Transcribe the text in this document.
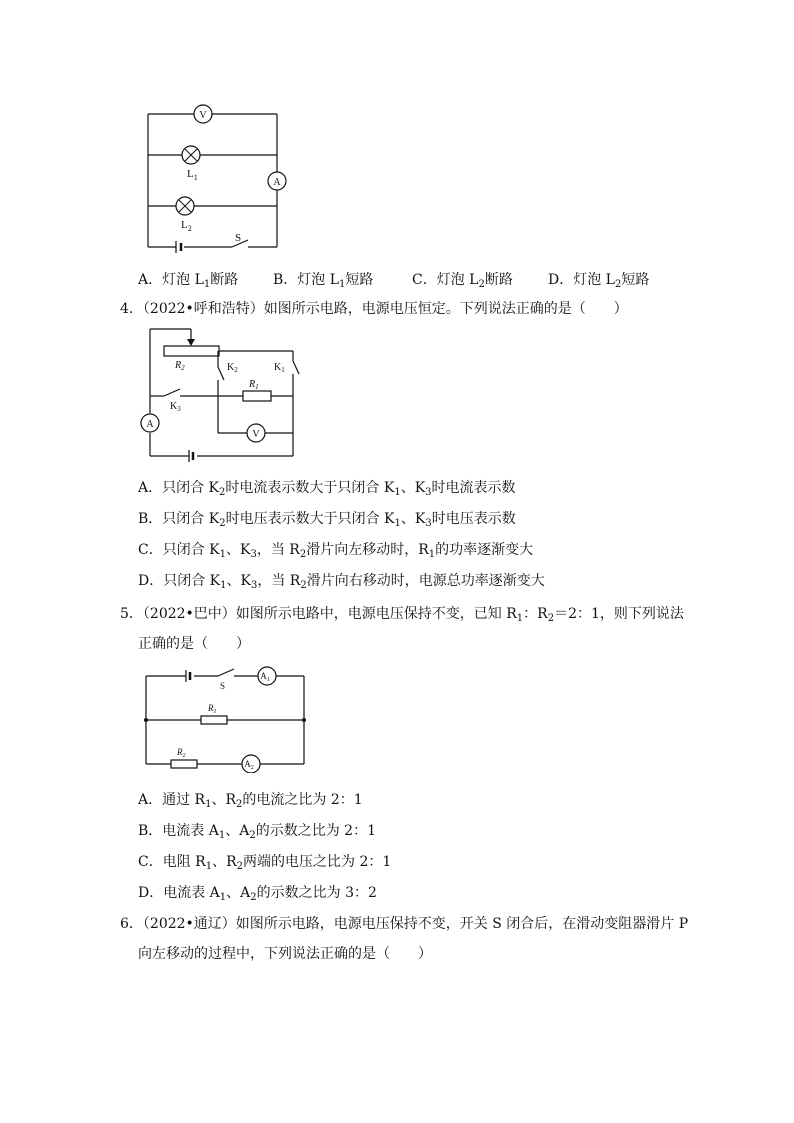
V
A
$L_1$
$L_2$
S
A．灯泡 L1断路 B．灯泡 L1短路	C．灯泡 L2断路	D．灯泡 L2短路
4．（2022•呼和浩特）如图所示电路，电源电压恒定。下列说法正确的是（　　）
A
V
$R_2$	$K_2$	$K_1$
$K_3$
$R_1$
A．只闭合 $K_2$时电流表示数大于只闭合 $K_1$、$K_3$时电流表示数
B．只闭合 $K_2$时电压表示数大于只闭合 $K_1$、$K_3$时电压表示数
C．只闭合 $K_1$、$K_3$，当 $R_2$滑片向左移动时，$R_1$的功率逐渐变大
D．只闭合 $K_1$、$K_3$，当 $R_2$滑片向右移动时，电源总功率逐渐变大
5．（2022•巴中）如图所示电路中，电源电压保持不变，已知 $R_1$：$R_2=2$：1，则下列说法
正确的是（　　）
$A_1$
$A_2$
S
$R_1$
$R_2$
A．通过 $R_1$、$R_2$的电流之比为 2：1
B．电流表 $A_1$、$A_2$的示数之比为 2：1
C．电阻 $R_1$、$R_2$两端的电压之比为 2：1
D．电流表 $A_1$、$A_2$的示数之比为 3：2
6．（2022•通辽）如图所示电路，电源电压保持不变，开关 S 闭合后，在滑动变阻器滑片 P
向左移动的过程中，下列说法正确的是（　　）
